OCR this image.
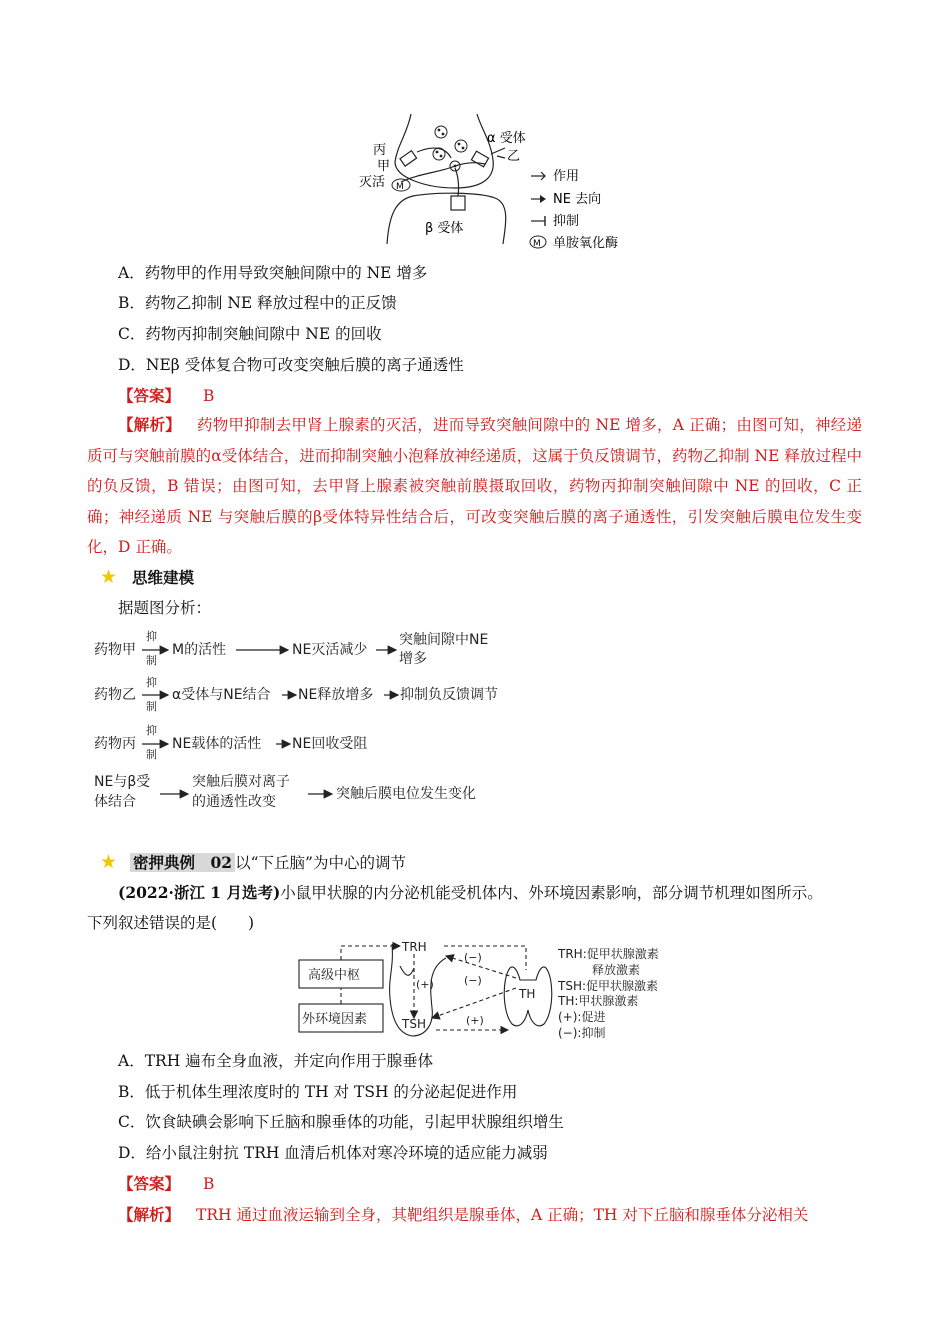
M
丙
甲
灭活
α 受体
乙
β 受体
作用
NE 去向
抑制
M 单胺氧化酶
A．药物甲的作用导致突触间隙中的 NE 增多
B．药物乙抑制 NE 释放过程中的正反馈
C．药物丙抑制突触间隙中 NE 的回收
D．NEβ 受体复合物可改变突触后膜的离子通透性
【答案】 B
【解析】 药物甲抑制去甲肾上腺素的灭活，进而导致突触间隙中的 NE 增多，A 正确；由图可知，神经递质可与突触前膜的α受体结合，进而抑制突触小泡释放神经递质，这属于负反馈调节，药物乙抑制 NE 释放过程中的负反馈，B 错误；由图可知，去甲肾上腺素被突触前膜摄取回收，药物丙抑制突触间隙中 NE 的回收，C 正确；神经递质 NE 与突触后膜的β受体特异性结合后，可改变突触后膜的离子通透性，引发突触后膜电位发生变化，D 正确。
★ 思维建模
据题图分析：
药物甲
抑
制
M的活性	NE灭活减少
突触间隙中NE
增多
药物乙
抑
制
α受体与NE结合 NE释放增多 抑制负反馈调节
药物丙
抑
制
NE载体的活性 NE回收受阻
NE与β受
体结合
突触后膜对离子
的通透性改变	突触后膜电位发生变化
★ 密押典例　 02 以“下丘脑”为中心的调节
(2022·浙江 1 月选考)小鼠甲状腺的内分泌机能受机体内、外环境因素影响，部分调节机理如图所示。
下列叙述错误的是(　　)
高级中枢
外环境因素
TRH
TSH
TH
(−)
(−)
(+)
(+)
TRH:促甲状腺激素
释放激素
TSH:促甲状腺激素
TH:甲状腺激素
(+):促进
(−):抑制
A．TRH 遍布全身血液，并定向作用于腺垂体
B．低于机体生理浓度时的 TH 对 TSH 的分泌起促进作用
C．饮食缺碘会影响下丘脑和腺垂体的功能，引起甲状腺组织增生
D．给小鼠注射抗 TRH 血清后机体对寒冷环境的适应能力减弱
【答案】 B
【解析】 TRH 通过血液运输到全身，其靶组织是腺垂体，A 正确；TH 对下丘脑和腺垂体分泌相关
